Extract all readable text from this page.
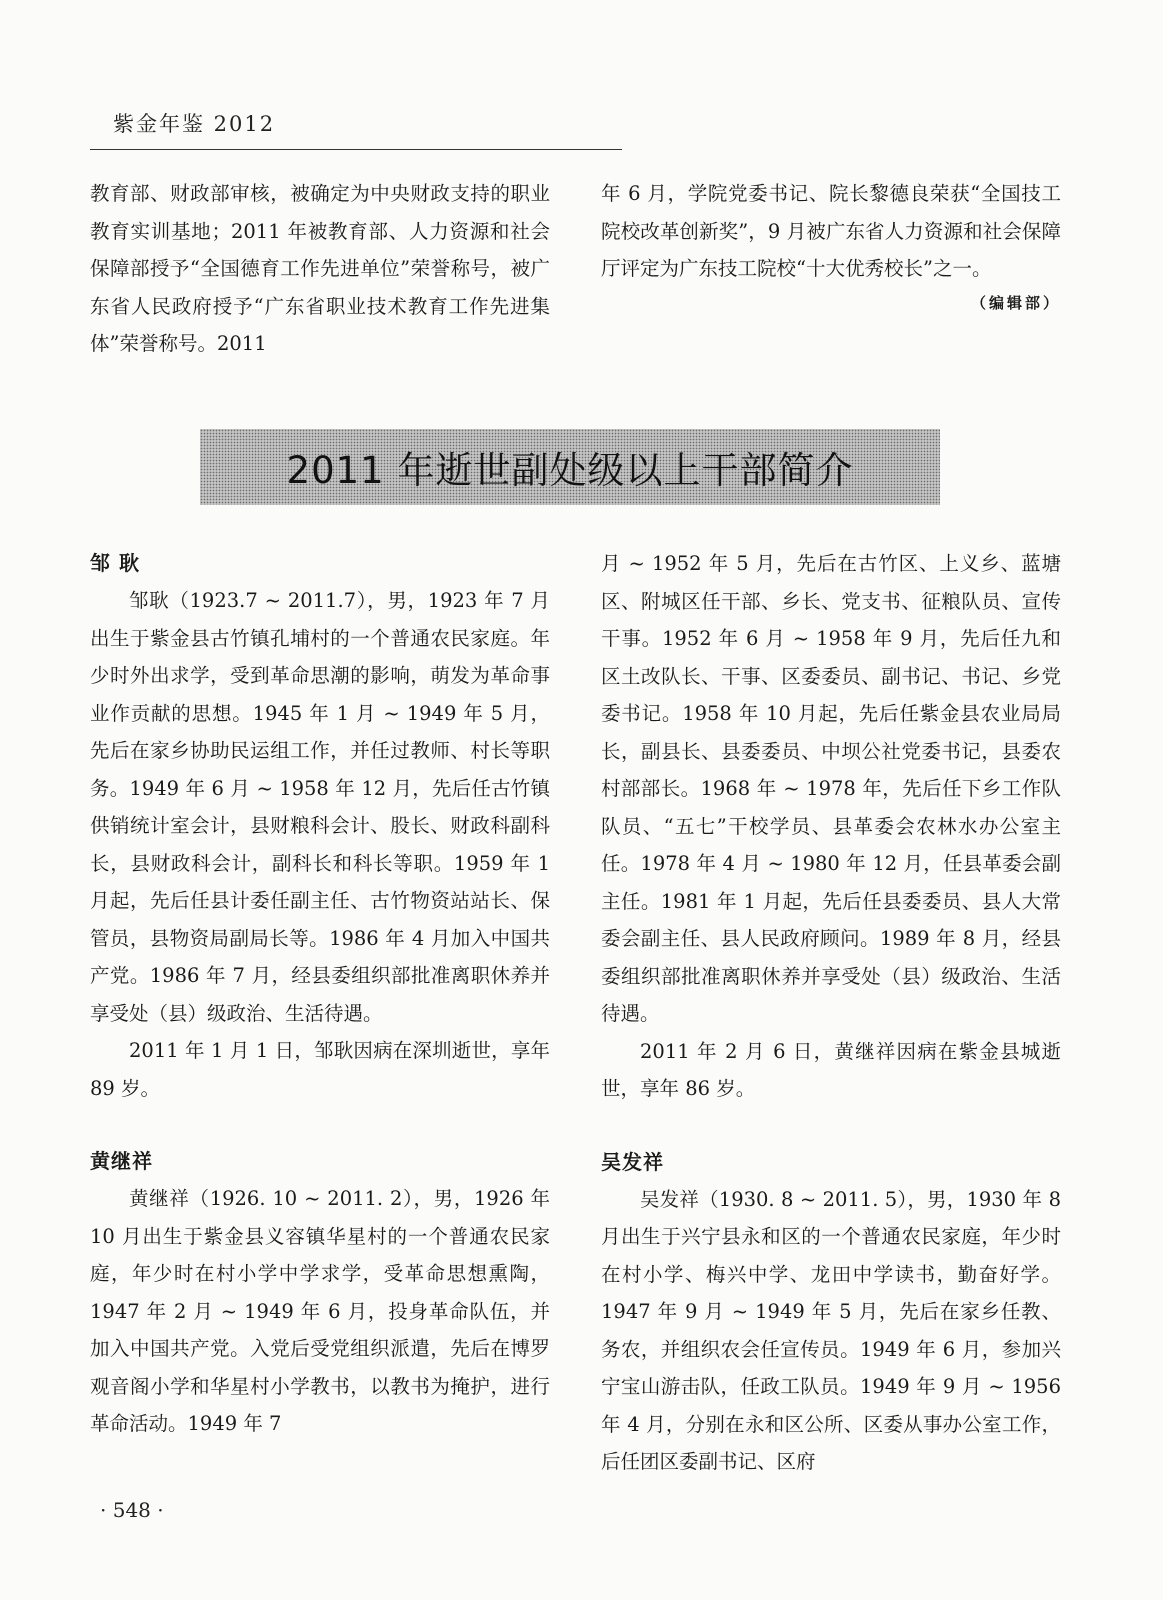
紫金年鉴 2012

教育部、财政部审核，被确定为中央财政支持的职业教育实训基地；2011 年被教育部、人力资源和社会保障部授予“全国德育工作先进单位”荣誉称号，被广东省人民政府授予“广东省职业技术教育工作先进集体”荣誉称号。2011

年 6 月，学院党委书记、院长黎德良荣获“全国技工院校改革创新奖”，9 月被广东省人力资源和社会保障厅评定为广东技工院校“十大优秀校长”之一。

（编辑部）
2011 年逝世副处级以上干部简介
邹 耿

邹耿（1923.7 ~ 2011.7），男，1923 年 7 月出生于紫金县古竹镇孔埔村的一个普通农民家庭。年少时外出求学，受到革命思潮的影响，萌发为革命事业作贡献的思想。1945 年 1 月 ~ 1949 年 5 月，先后在家乡协助民运组工作，并任过教师、村长等职务。1949 年 6 月 ~ 1958 年 12 月，先后任古竹镇供销统计室会计，县财粮科会计、股长、财政科副科长，县财政科会计，副科长和科长等职。1959 年 1 月起，先后任县计委任副主任、古竹物资站站长、保管员，县物资局副局长等。1986 年 4 月加入中国共产党。1986 年 7 月，经县委组织部批准离职休养并享受处（县）级政治、生活待遇。

2011 年 1 月 1 日，邹耿因病在深圳逝世，享年 89 岁。

黄继祥

黄继祥（1926. 10 ~ 2011. 2），男，1926 年 10 月出生于紫金县义容镇华星村的一个普通农民家庭，年少时在村小学中学求学，受革命思想熏陶，1947 年 2 月 ~ 1949 年 6 月，投身革命队伍，并加入中国共产党。入党后受党组织派遣，先后在博罗观音阁小学和华星村小学教书，以教书为掩护，进行革命活动。1949 年 7

月 ~ 1952 年 5 月，先后在古竹区、上义乡、蓝塘区、附城区任干部、乡长、党支书、征粮队员、宣传干事。1952 年 6 月 ~ 1958 年 9 月，先后任九和区土改队长、干事、区委委员、副书记、书记、乡党委书记。1958 年 10 月起，先后任紫金县农业局局长，副县长、县委委员、中坝公社党委书记，县委农村部部长。1968 年 ~ 1978 年，先后任下乡工作队队员、“五七”干校学员、县革委会农林水办公室主任。1978 年 4 月 ~ 1980 年 12 月，任县革委会副主任。1981 年 1 月起，先后任县委委员、县人大常委会副主任、县人民政府顾问。1989 年 8 月，经县委组织部批准离职休养并享受处（县）级政治、生活待遇。

2011 年 2 月 6 日，黄继祥因病在紫金县城逝世，享年 86 岁。

吴发祥

吴发祥（1930. 8 ~ 2011. 5），男，1930 年 8 月出生于兴宁县永和区的一个普通农民家庭，年少时在村小学、梅兴中学、龙田中学读书，勤奋好学。1947 年 9 月 ~ 1949 年 5 月，先后在家乡任教、务农，并组织农会任宣传员。1949 年 6 月，参加兴宁宝山游击队，任政工队员。1949 年 9 月 ~ 1956 年 4 月，分别在永和区公所、区委从事办公室工作，后任团区委副书记、区府

· 548 ·
